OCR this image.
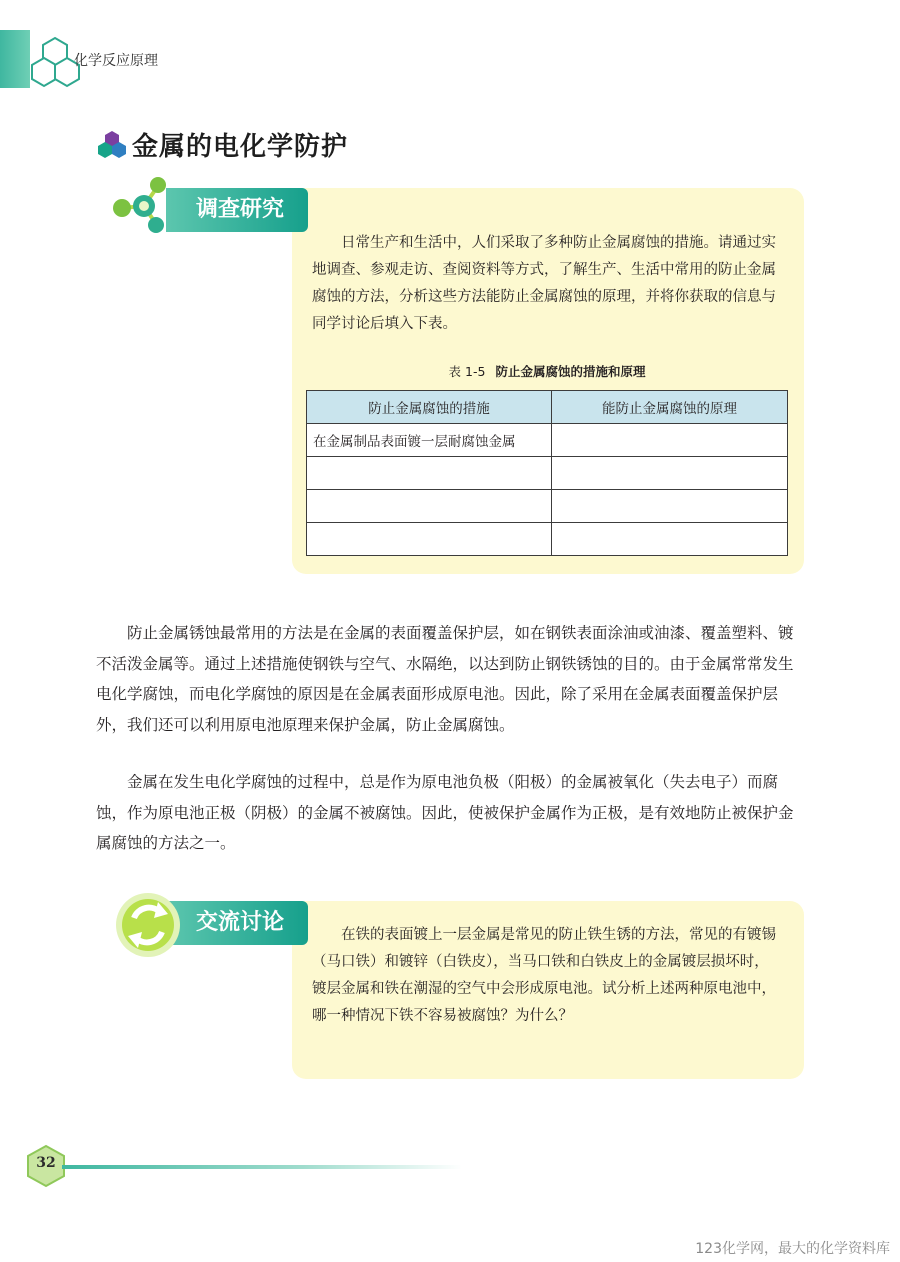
化学反应原理
金属的电化学防护
调查研究

日常生产和生活中，人们采取了多种防止金属腐蚀的措施。请通过实地调查、参观走访、查阅资料等方式，了解生产、生活中常用的防止金属腐蚀的方法，分析这些方法能防止金属腐蚀的原理，并将你获取的信息与同学讨论后填入下表。

表 1-5 防止金属腐蚀的措施和原理
防止金属腐蚀的措施	能防止金属腐蚀的原理
在金属制品表面镀一层耐腐蚀金属	

防止金属锈蚀最常用的方法是在金属的表面覆盖保护层，如在钢铁表面涂油或油漆、覆盖塑料、镀不活泼金属等。通过上述措施使钢铁与空气、水隔绝，以达到防止钢铁锈蚀的目的。由于金属常常发生电化学腐蚀，而电化学腐蚀的原因是在金属表面形成原电池。因此，除了采用在金属表面覆盖保护层外，我们还可以利用原电池原理来保护金属，防止金属腐蚀。

金属在发生电化学腐蚀的过程中，总是作为原电池负极（阳极）的金属被氧化（失去电子）而腐蚀，作为原电池正极（阴极）的金属不被腐蚀。因此，使被保护金属作为正极，是有效地防止被保护金属腐蚀的方法之一。

交流讨论	在铁的表面镀上一层金属是常见的防止铁生锈的方法，常见的有镀锡（马口铁）和镀锌（白铁皮），当马口铁和白铁皮上的金属镀层损坏时，镀层金属和铁在潮湿的空气中会形成原电池。试分析上述两种原电池中，哪一种情况下铁不容易被腐蚀？为什么？

32
123化学网，最大的化学资料库
